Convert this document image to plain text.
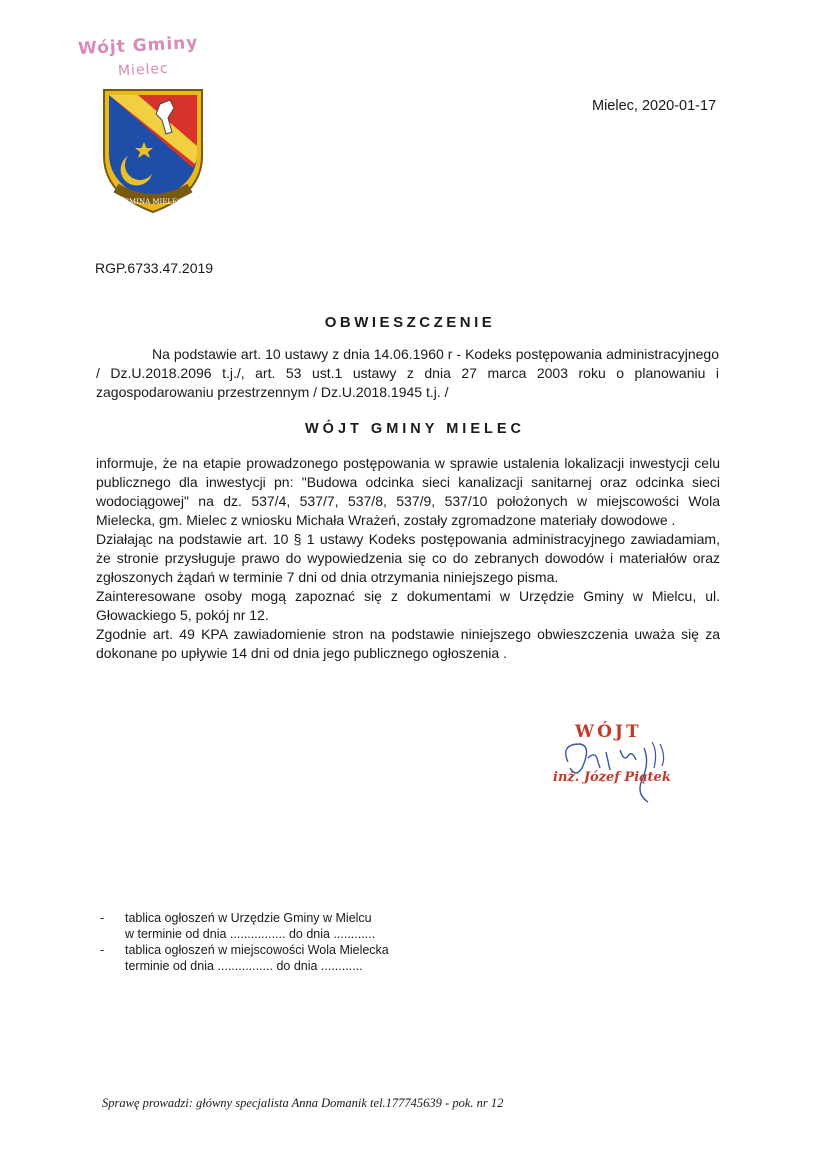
Wójt Gminy
Mielec
GMINA MIELEC
Mielec, 2020-01-17
RGP.6733.47.2019
OBWIESZCZENIE
Na podstawie art. 10 ustawy z dnia 14.06.1960 r - Kodeks postępowania administracyjnego / Dz.U.2018.2096 t.j./, art. 53 ust.1 ustawy z dnia 27 marca 2003 roku o planowaniu i zagospodarowaniu przestrzennym / Dz.U.2018.1945 t.j. /
WÓJT GMINY MIELEC

informuje, że na etapie prowadzonego postępowania w sprawie ustalenia lokalizacji inwestycji celu publicznego dla inwestycji pn: "Budowa odcinka sieci kanalizacji sanitarnej oraz odcinka sieci wodociągowej" na dz. 537/4, 537/7, 537/8, 537/9, 537/10 położonych w miejscowości Wola Mielecka, gm. Mielec z wniosku Michała Wrażeń, zostały zgromadzone materiały dowodowe .

Działając na podstawie art. 10 § 1 ustawy Kodeks postępowania administracyjnego zawiadamiam, że stronie przysługuje prawo do wypowiedzenia się co do zebranych dowodów i materiałów oraz zgłoszonych żądań w terminie 7 dni od dnia otrzymania niniejszego pisma.

Zainteresowane osoby mogą zapoznać się z dokumentami w Urzędzie Gminy w Mielcu, ul. Głowackiego 5, pokój nr 12.

Zgodnie art. 49 KPA zawiadomienie stron na podstawie niniejszego obwieszczenia uważa się za dokonane po upływie 14 dni od dnia jego publicznego ogłoszenia .

WÓJT
inż. Józef Piątek
-	tablica ogłoszeń w Urzędzie Gminy w Mielcu
w terminie od dnia ................ do dnia ............
-	tablica ogłoszeń w miejscowości Wola Mielecka
terminie od dnia ................ do dnia ............
Sprawę prowadzi: główny specjalista Anna Domanik tel.177745639 - pok. nr 12
